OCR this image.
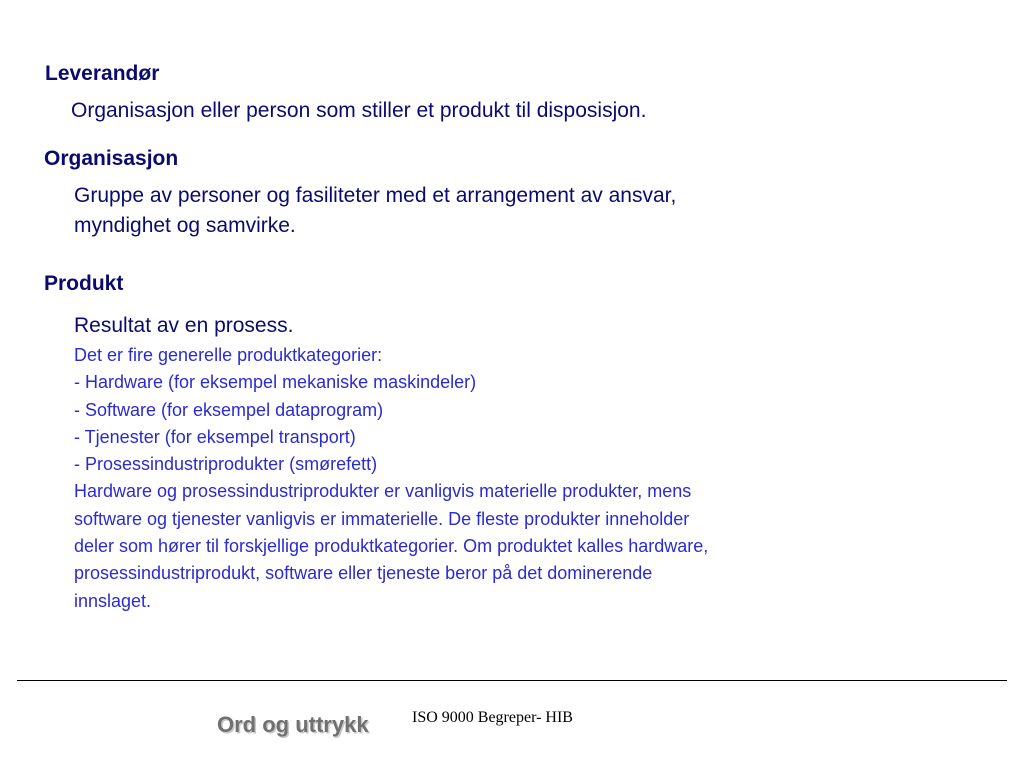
Leverandør

Organisasjon eller person som stiller et produkt til disposisjon.

Organisasjon

Gruppe av personer og fasiliteter med et arrangement av ansvar,
myndighet og samvirke.

Produkt

Resultat av en prosess.

Det er fire generelle produktkategorier:
- Hardware (for eksempel mekaniske maskindeler)
- Software (for eksempel dataprogram)
- Tjenester (for eksempel transport)
- Prosessindustriprodukter (smørefett)
Hardware og prosessindustriprodukter er vanligvis materielle produkter, mens
software og tjenester vanligvis er immaterielle. De fleste produkter inneholder
deler som hører til forskjellige produktkategorier. Om produktet kalles hardware,
prosessindustriprodukt, software eller tjeneste beror på det dominerende
innslaget.

Ord og uttrykk	ISO 9000 Begreper- HIB
